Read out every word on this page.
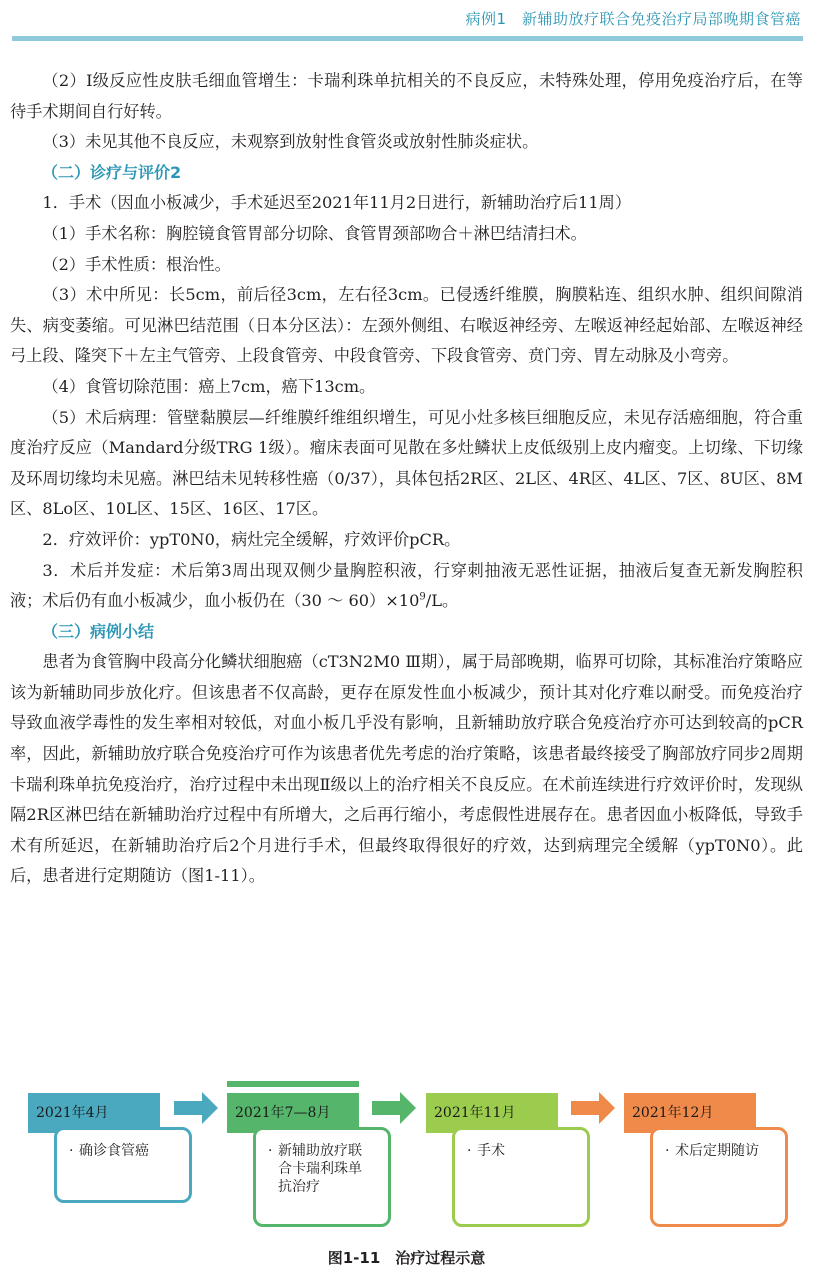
病例1　新辅助放疗联合免疫治疗局部晚期食管癌

（2）Ⅰ级反应性皮肤毛细血管增生：卡瑞利珠单抗相关的不良反应，未特殊处理，停用免疫治疗后，在等待手术期间自行好转。

（3）未见其他不良反应，未观察到放射性食管炎或放射性肺炎症状。

（二）诊疗与评价2

1．手术（因血小板减少，手术延迟至2021年11月2日进行，新辅助治疗后11周）

（1）手术名称：胸腔镜食管胃部分切除、食管胃颈部吻合＋淋巴结清扫术。

（2）手术性质：根治性。

（3）术中所见：长5cm，前后径3cm，左右径3cm。已侵透纤维膜，胸膜粘连、组织水肿、组织间隙消失、病变萎缩。可见淋巴结范围（日本分区法）：左颈外侧组、右喉返神经旁、左喉返神经起始部、左喉返神经弓上段、隆突下＋左主气管旁、上段食管旁、中段食管旁、下段食管旁、贲门旁、胃左动脉及小弯旁。

（4）食管切除范围：癌上7cm，癌下13cm。

（5）术后病理：管壁黏膜层—纤维膜纤维组织增生，可见小灶多核巨细胞反应，未见存活癌细胞，符合重度治疗反应（Mandard分级TRG 1级）。瘤床表面可见散在多灶鳞状上皮低级别上皮内瘤变。上切缘、下切缘及环周切缘均未见癌。淋巴结未见转移性癌（0/37），具体包括2R区、2L区、4R区、4L区、7区、8U区、8M区、8Lo区、10L区、15区、16区、17区。

2．疗效评价：ypT0N0，病灶完全缓解，疗效评价pCR。

3．术后并发症：术后第3周出现双侧少量胸腔积液，行穿刺抽液无恶性证据，抽液后复查无新发胸腔积液；术后仍有血小板减少，血小板仍在（30 ～ $60)\times 10^9/L$。

（三）病例小结

患者为食管胸中段高分化鳞状细胞癌（cT3N2M0 Ⅲ期），属于局部晚期，临界可切除，其标准治疗策略应该为新辅助同步放化疗。但该患者不仅高龄，更存在原发性血小板减少，预计其对化疗难以耐受。而免疫治疗导致血液学毒性的发生率相对较低，对血小板几乎没有影响，且新辅助放疗联合免疫治疗亦可达到较高的pCR率，因此，新辅助放疗联合免疫治疗可作为该患者优先考虑的治疗策略，该患者最终接受了胸部放疗同步2周期卡瑞利珠单抗免疫治疗，治疗过程中未出现Ⅱ级以上的治疗相关不良反应。在术前连续进行疗效评价时，发现纵隔2R区淋巴结在新辅助治疗过程中有所增大，之后再行缩小，考虑假性进展存在。患者因血小板降低，导致手术有所延迟，在新辅助治疗后2个月进行手术，但最终取得很好的疗效，达到病理完全缓解（ypT0N0）。此后，患者进行定期随访（图1-11）。

2021年4月
· 确诊食管癌
2021年7—8月
· 新辅助放疗联合卡瑞利珠单抗治疗
2021年11月
· 手术
2021年12月
· 术后定期随访
图1-11　治疗过程示意
